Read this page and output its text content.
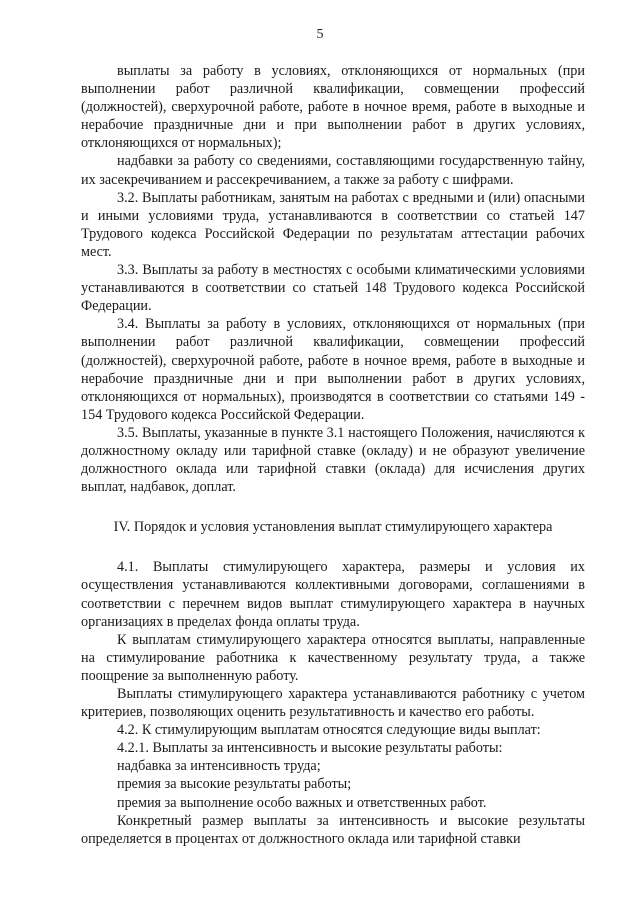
5

выплаты за работу в условиях, отклоняющихся от нормальных (при выполнении работ различной квалификации, совмещении профессий (должностей), сверхурочной работе, работе в ночное время, работе в выходные и нерабочие праздничные дни и при выполнении работ в других условиях, отклоняющихся от нормальных);

надбавки за работу со сведениями, составляющими государственную тайну, их засекречиванием и рассекречиванием, а также за работу с шифрами.

3.2. Выплаты работникам, занятым на работах с вредными и (или) опасными и иными условиями труда, устанавливаются в соответствии со статьей 147 Трудового кодекса Российской Федерации по результатам аттестации рабочих мест.

3.3. Выплаты за работу в местностях с особыми климатическими условиями устанавливаются в соответствии со статьей 148 Трудового кодекса Российской Федерации.

3.4. Выплаты за работу в условиях, отклоняющихся от нормальных (при выполнении работ различной квалификации, совмещении профессий (должностей), сверхурочной работе, работе в ночное время, работе в выходные и нерабочие праздничные дни и при выполнении работ в других условиях, отклоняющихся от нормальных), производятся в соответствии со статьями 149 - 154 Трудового кодекса Российской Федерации.

3.5. Выплаты, указанные в пункте 3.1 настоящего Положения, начисляются к должностному окладу или тарифной ставке (окладу) и не образуют увеличение должностного оклада или тарифной ставки (оклада) для исчисления других выплат, надбавок, доплат.

IV. Порядок и условия установления выплат стимулирующего характера

4.1. Выплаты стимулирующего характера, размеры и условия их осуществления устанавливаются коллективными договорами, соглашениями в соответствии с перечнем видов выплат стимулирующего характера в научных организациях в пределах фонда оплаты труда.

К выплатам стимулирующего характера относятся выплаты, направленные на стимулирование работника к качественному результату труда, а также поощрение за выполненную работу.

Выплаты стимулирующего характера устанавливаются работнику с учетом критериев, позволяющих оценить результативность и качество его работы.

4.2. К стимулирующим выплатам относятся следующие виды выплат:

4.2.1. Выплаты за интенсивность и высокие результаты работы:

надбавка за интенсивность труда;

премия за высокие результаты работы;

премия за выполнение особо важных и ответственных работ.

Конкретный размер выплаты за интенсивность и высокие результаты определяется в процентах от должностного оклада или тарифной ставки
